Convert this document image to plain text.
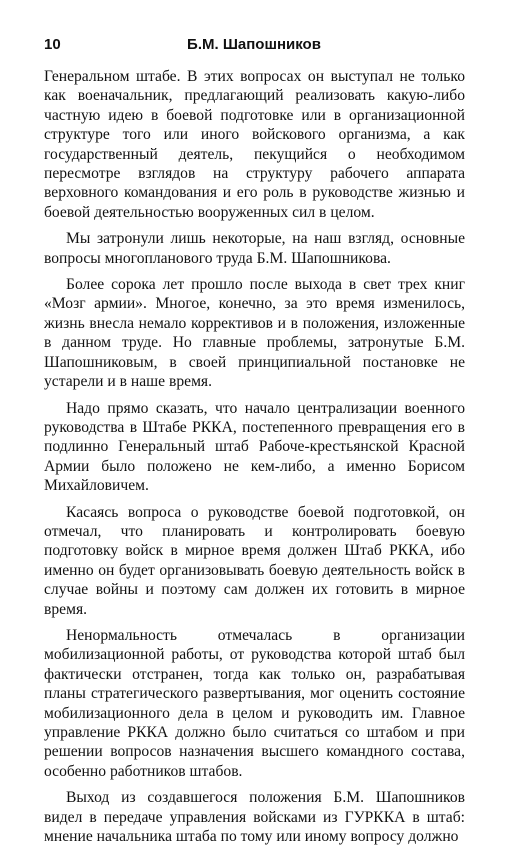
10	Б.М. Шапошников

Генеральном штабе. В этих вопросах он выступал не только как военачальник, предлагающий реализовать какую-либо частную идею в боевой подготовке или в организационной структуре того или иного войскового организма, а как государственный деятель, пекущийся о необходимом пересмотре взглядов на структуру рабочего аппарата верховного командования и его роль в руководстве жизнью и боевой деятельностью вооруженных сил в целом.

Мы затронули лишь некоторые, на наш взгляд, основные вопросы многопланового труда Б.М. Шапошникова.

Более сорока лет прошло после выхода в свет трех книг «Мозг армии». Многое, конечно, за это время изменилось, жизнь внесла немало коррективов и в положения, изложенные в данном труде. Но главные проблемы, затронутые Б.М. Шапошниковым, в своей принципиальной постановке не устарели и в наше время.

Надо прямо сказать, что начало централизации военного руководства в Штабе РККА, постепенного превращения его в подлинно Генеральный штаб Рабоче-крестьянской Красной Армии было положено не кем-либо, а именно Борисом Михайловичем.

Касаясь вопроса о руководстве боевой подготовкой, он отмечал, что планировать и контролировать боевую подготовку войск в мирное время должен Штаб РККА, ибо именно он будет организовывать боевую деятельность войск в случае войны и поэтому сам должен их готовить в мирное время.

Ненормальность отмечалась в организации мобилизационной работы, от руководства которой штаб был фактически отстранен, тогда как только он, разрабатывая планы стратегического развертывания, мог оценить состояние мобилизационного дела в целом и руководить им. Главное управление РККА должно было считаться со штабом и при решении вопросов назначения высшего командного состава, особенно работников штабов.

Выход из создавшегося положения Б.М. Шапошников видел в передаче управления войсками из ГУРККА в штаб: мнение начальника штаба по тому или иному вопросу должно
